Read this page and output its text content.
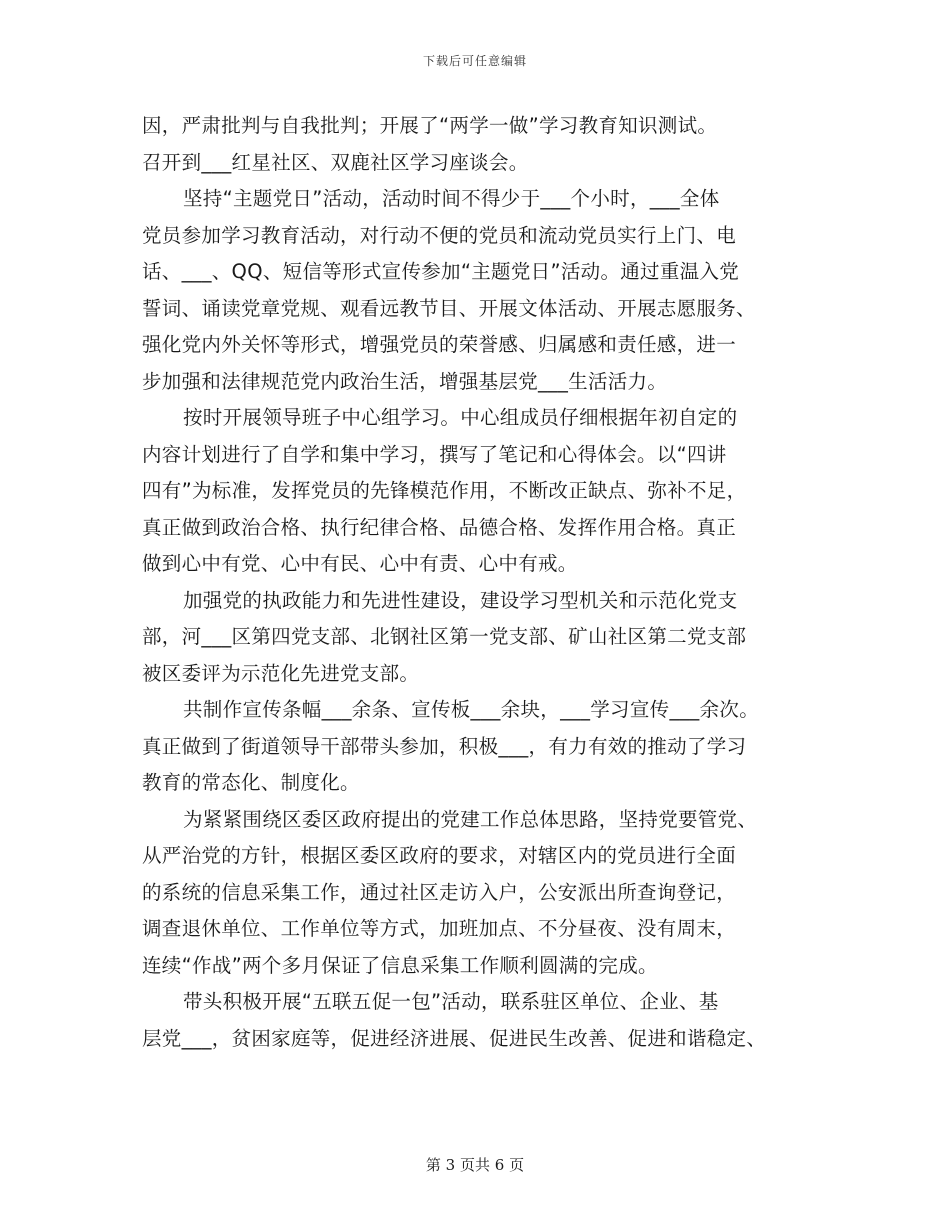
下载后可任意编辑

因，严肃批判与自我批判；开展了“两学一做”学习教育知识测试。
召开到___红星社区、双鹿社区学习座谈会。

坚持“主题党日”活动，活动时间不得少于___个小时，___全体
党员参加学习教育活动，对行动不便的党员和流动党员实行上门、电
话、___、QQ、短信等形式宣传参加“主题党日”活动。通过重温入党
誓词、诵读党章党规、观看远教节目、开展文体活动、开展志愿服务、
强化党内外关怀等形式，增强党员的荣誉感、归属感和责任感，进一
步加强和法律规范党内政治生活，增强基层党___生活活力。

按时开展领导班子中心组学习。中心组成员仔细根据年初自定的
内容计划进行了自学和集中学习，撰写了笔记和心得体会。以“四讲
四有”为标准，发挥党员的先锋模范作用，不断改正缺点、弥补不足，
真正做到政治合格、执行纪律合格、品德合格、发挥作用合格。真正
做到心中有党、心中有民、心中有责、心中有戒。

加强党的执政能力和先进性建设，建设学习型机关和示范化党支
部，河___区第四党支部、北钢社区第一党支部、矿山社区第二党支部
被区委评为示范化先进党支部。

共制作宣传条幅___余条、宣传板___余块，___学习宣传___余次。
真正做到了街道领导干部带头参加，积极___，有力有效的推动了学习
教育的常态化、制度化。

为紧紧围绕区委区政府提出的党建工作总体思路，坚持党要管党、
从严治党的方针，根据区委区政府的要求，对辖区内的党员进行全面
的系统的信息采集工作，通过社区走访入户，公安派出所查询登记，
调查退休单位、工作单位等方式，加班加点、不分昼夜、没有周末，
连续“作战”两个多月保证了信息采集工作顺利圆满的完成。

带头积极开展“五联五促一包”活动，联系驻区单位、企业、基
层党___，贫困家庭等，促进经济进展、促进民生改善、促进和谐稳定、

第 3 页共 6 页
